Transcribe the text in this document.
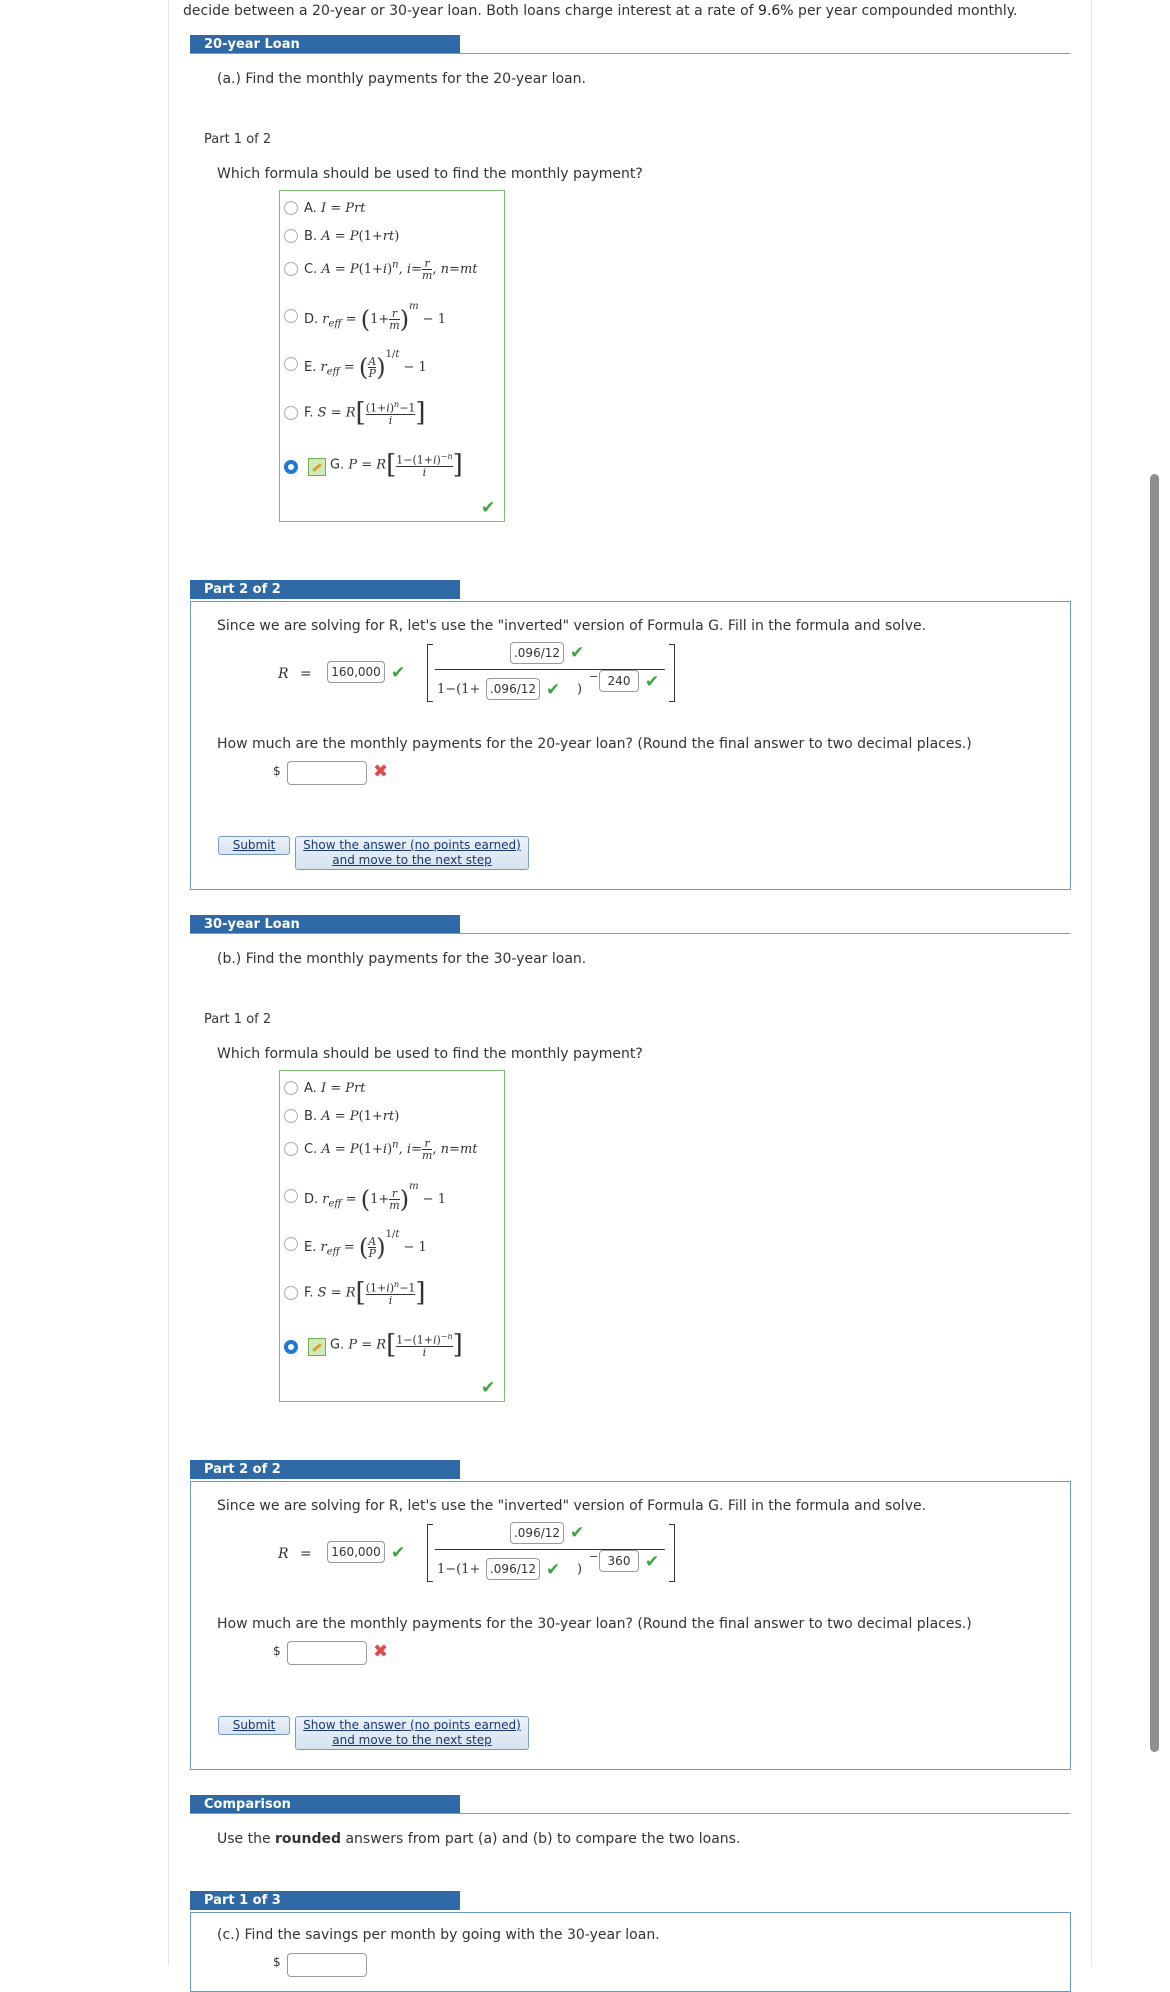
decide between a 20-year or 30-year loan. Both loans charge interest at a rate of 9.6% per year compounded monthly.
20-year Loan
(a.) Find the monthly payments for the 20-year loan.
Part 1 of 2
Which formula should be used to find the monthly payment?
A. I = Prt
B. A = P(1+rt)
C. $A = P(1+i)^n$, $i=\frac{r}{m}$ , n=mt
D. $r_{eff} = (1+\frac{r}{m} )^m - 1$
E. $r_{eff} = (\frac{A}{P} )^{1/t} - 1$
F. $S = R[(1+i)^n-1$

i ]
G. $P = R[1-(1+i)^{-n}$

i	]
✔
Part 2 of 2
Since we are solving for R, let's use the "inverted" version of Formula G. Fill in the formula and solve.
R =	160,000 ✔
.096/12 ✔
1−(1+ .096/12 ✔ )
− 240 ✔
How much are the monthly payments for the 20-year loan? (Round the final answer to two decimal places.)
$	✖
Submit	Show the answer (no points earned) and move to the next step
30-year Loan
(b.) Find the monthly payments for the 30-year loan.
Part 1 of 2
Which formula should be used to find the monthly payment?
A. I = Prt
B. A = P(1+rt)
C. $A = P(1+i)^n$, $i=\frac{r}{m}$ , n=mt
D. $r_{eff} = (1+\frac{r}{m} )^m - 1$
E. $r_{eff} = (\frac{A}{P} )^{1/t} - 1$
F. $S = R[(1+i)^n-1$

i ]
G. $P = R[1-(1+i)^{-n}$

i	]
✔
Part 2 of 2
Since we are solving for R, let's use the "inverted" version of Formula G. Fill in the formula and solve.
R =	160,000 ✔
.096/12 ✔
1−(1+ .096/12 ✔ )
− 360 ✔
How much are the monthly payments for the 30-year loan? (Round the final answer to two decimal places.)
$	✖
Submit	Show the answer (no points earned) and move to the next step
Comparison
Use the rounded answers from part (a) and (b) to compare the two loans.
Part 1 of 3
(c.) Find the savings per month by going with the 30-year loan.
$
